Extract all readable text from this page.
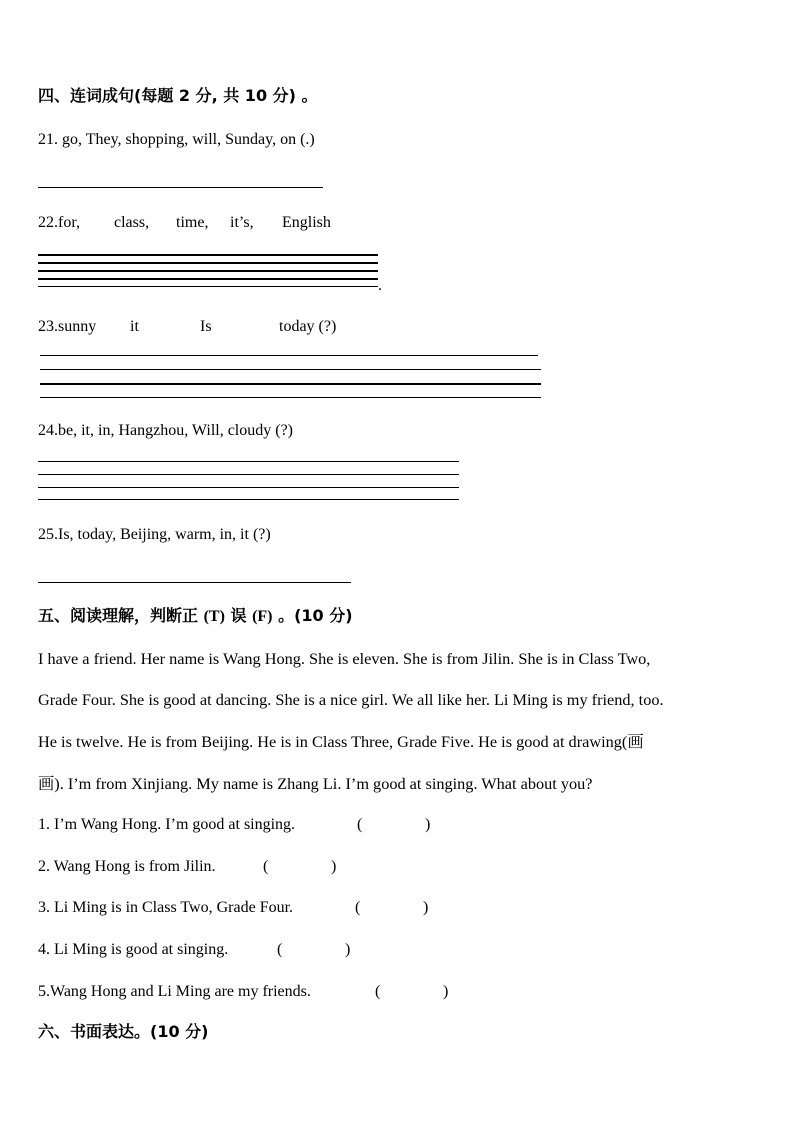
四、连词成句(每题 2 分, 共 10 分) 。
21. go, They, shopping, will, Sunday, on (.)
22.for, class, time, it’s, English
.
23.sunny it	Is	today (?)
24.be, it, in, Hangzhou, Will, cloudy (?)
25.Is, today, Beijing, warm, in, it (?)
五、阅读理解，判断正 (T) 误 (F) 。(10 分)
I have a friend. Her name is Wang Hong. She is eleven. She is from Jilin. She is in Class Two,
Grade Four. She is good at dancing. She is a nice girl. We all like her. Li Ming is my friend, too.
He is twelve. He is from Beijing. He is in Class Three, Grade Five. He is good at drawing(画
画). I’m from Xinjiang. My name is Zhang Li. I’m good at singing. What about you?
1. I’m Wang Hong. I’m good at singing.	(	)
2. Wang Hong is from Jilin.	(	)
3. Li Ming is in Class Two, Grade Four.	(	)
4. Li Ming is good at singing.	(	)
5.Wang Hong and Li Ming are my friends.	(	)
六、书面表达。(10 分)
